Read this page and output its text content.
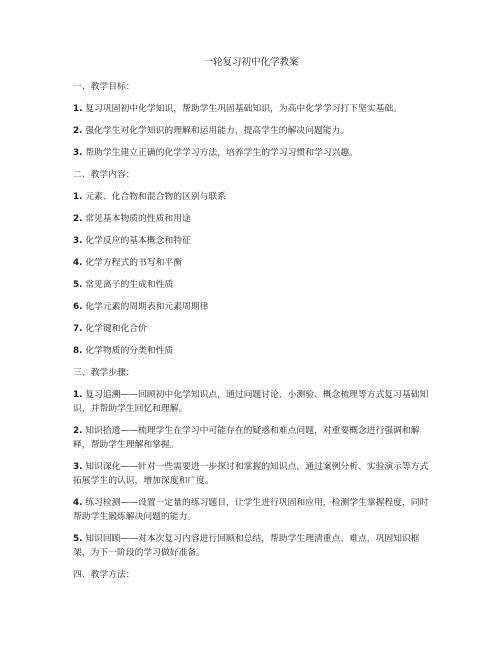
一轮复习初中化学教案
一、教学目标：
1. 复习巩固初中化学知识，帮助学生巩固基础知识，为高中化学学习打下坚实基础。
2. 强化学生对化学知识的理解和运用能力，提高学生的解决问题能力。
3. 帮助学生建立正确的化学学习方法，培养学生的学习习惯和学习兴趣。
二、教学内容：
1. 元素、化合物和混合物的区别与联系
2. 常见基本物质的性质和用途
3. 化学反应的基本概念和特征
4. 化学方程式的书写和平衡
5. 常见离子的生成和性质
6. 化学元素的周期表和元素周期律
7. 化学键和化合价
8. 化学物质的分类和性质
三、教学步骤：
1. 复习追溯——回顾初中化学知识点，通过问题讨论、小测验、概念梳理等方式复习基础知识，并帮助学生回忆和理解。
2. 知识拾遗——梳理学生在学习中可能存在的疑惑和难点问题，对重要概念进行强调和解释，帮助学生理解和掌握。
3. 知识深化——针对一些需要进一步探讨和掌握的知识点，通过案例分析、实验演示等方式拓展学生的认识，增加深度和广度。
4. 练习检测——设置一定量的练习题目，让学生进行巩固和应用，检测学生掌握程度，同时帮助学生锻炼解决问题的能力。
5. 知识回顾——对本次复习内容进行回顾和总结，帮助学生理清重点、难点，巩固知识框架，为下一阶段的学习做好准备。
四、教学方法：
